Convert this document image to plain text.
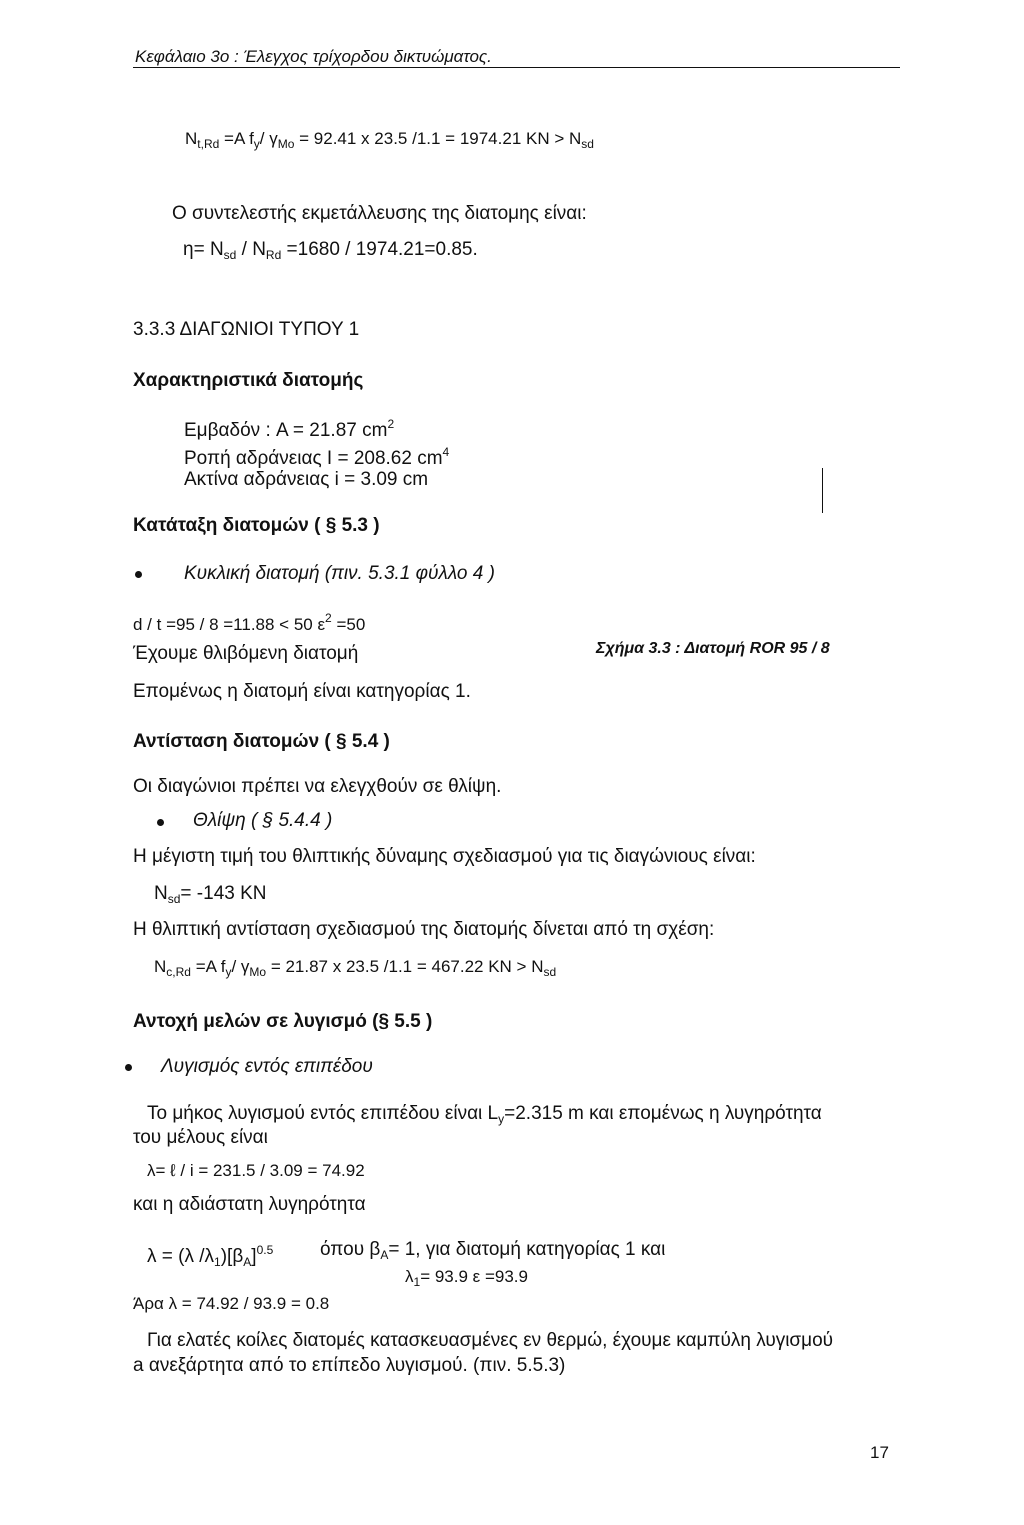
Κεφάλαιο 3ο : Έλεγχος τρίχορδου δικτυώματος.
$N_{t,Rd} =A$ $f_y/$ $\gamma_{Mo} = 92.41$ x 23.5 /1.1 = 1974.21 KN > $N_{sd}$
Ο συντελεστής εκμετάλλευσης της διατομης είναι:
$\eta= N_{sd} / N_{Rd} =1680 / 1974.21=0.85$.
3.3.3 ΔΙΑΓΩΝΙΟΙ ΤΥΠΟΥ 1
Χαρακτηριστικά διατομής
Εμβαδόν : A = 21.87 $cm^2$
Ροπή αδράνειας I = 208.62 $cm^4$
Ακτίνα αδράνειας i = 3.09 cm
Κατάταξη διατομών ( § 5.3 )
Κυκλική διατομή (πιν. 5.3.1 φύλλο 4 )
d / t =95 / 8 =11.88 < 50 $\varepsilon^2 =50$
Έχουμε θλιβόμενη διατομή	Σχήμα 3.3 : Διατομή ROR 95 / 8
Επομένως η διατομή είναι κατηγορίας 1.
Αντίσταση διατομών ( § 5.4 )
Οι διαγώνιοι πρέπει να ελεγχθούν σε θλίψη.
Θλίψη ( § 5.4.4 )
Η μέγιστη τιμή του θλιπτικής δύναμης σχεδιασμού για τις διαγώνιους είναι:
$N_{sd}= -143$ KN
Η θλιπτική αντίσταση σχεδιασμού της διατομής δίνεται από τη σχέση:
$N_{c,Rd} =A$ $f_y/$ $\gamma_{Mo} = 21.87$ x 23.5 /1.1 = 467.22 KN > $N_{sd}$
Αντοχή μελών σε λυγισμό (§ 5.5 )
Λυγισμός εντός επιπέδου
Το μήκος λυγισμού εντός επιπέδου είναι $L_y=2.315$ m και επομένως η λυγηρότητα
του μέλους είναι
λ= ℓ / i = 231.5 / 3.09 = 74.92
και η αδιάστατη λυγηρότητα
λ = (λ $/\lambda_1)[\beta_A]^{0.5}$ όπου $\beta_A= 1$, για διατομή κατηγορίας 1 και
$\lambda_1= 93.9$ ε =93.9
Άρα λ = 74.92 / 93.9 = 0.8
Για ελατές κοίλες διατομές κατασκευασμένες εν θερμώ, έχουμε καμπύλη λυγισμού
a ανεξάρτητα από το επίπεδο λυγισμού. (πιν. 5.5.3)
17
